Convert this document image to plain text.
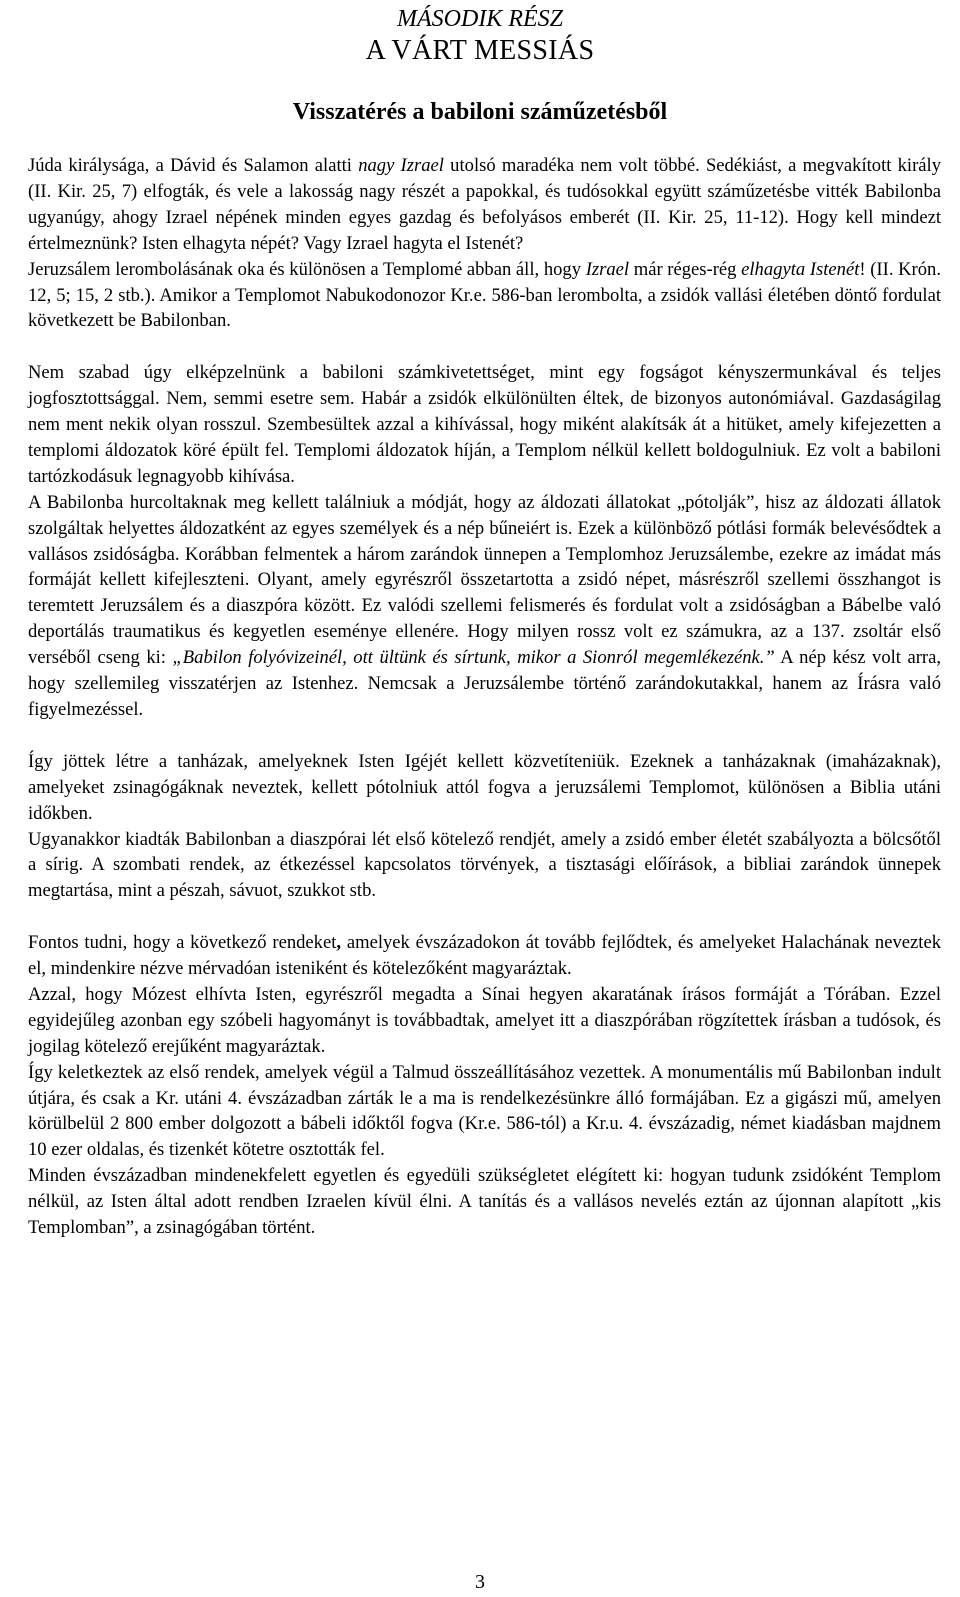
MÁSODIK RÉSZ
A VÁRT MESSIÁS
Visszatérés a babiloni száműzetésből

Júda királysága, a Dávid és Salamon alatti nagy Izrael utolsó maradéka nem volt többé. Sedékiást, a megvakított király (II. Kir. 25, 7) elfogták, és vele a lakosság nagy részét a papokkal, és tudósokkal együtt száműzetésbe vitték Babilonba ugyanúgy, ahogy Izrael népének minden egyes gazdag és befolyásos emberét (II. Kir. 25, 11-12). Hogy kell mindezt értelmeznünk? Isten elhagyta népét? Vagy Izrael hagyta el Istenét?

Jeruzsálem lerombolásának oka és különösen a Templomé abban áll, hogy Izrael már réges-rég elhagyta Istenét! (II. Krón. 12, 5; 15, 2 stb.). Amikor a Templomot Nabukodonozor Kr.e. 586-ban lerombolta, a zsidók vallási életében döntő fordulat következett be Babilonban.

Nem szabad úgy elképzelnünk a babiloni számkivetettséget, mint egy fogságot kényszermunkával és teljes jogfosztottsággal. Nem, semmi esetre sem. Habár a zsidók elkülönülten éltek, de bizonyos autonómiával. Gazdaságilag nem ment nekik olyan rosszul. Szembesültek azzal a kihívással, hogy miként alakítsák át a hitüket, amely kifejezetten a templomi áldozatok köré épült fel. Templomi áldozatok híján, a Templom nélkül kellett boldogulniuk. Ez volt a babiloni tartózkodásuk legnagyobb kihívása.

A Babilonba hurcoltaknak meg kellett találniuk a módját, hogy az áldozati állatokat „pótolják”, hisz az áldozati állatok szolgáltak helyettes áldozatként az egyes személyek és a nép bűneiért is. Ezek a különböző pótlási formák belevésődtek a vallásos zsidóságba. Korábban felmentek a három zarándok ünnepen a Templomhoz Jeruzsálembe, ezekre az imádat más formáját kellett kifejleszteni. Olyant, amely egyrészről összetartotta a zsidó népet, másrészről szellemi összhangot is teremtett Jeruzsálem és a diaszpóra között. Ez valódi szellemi felismerés és fordulat volt a zsidóságban a Bábelbe való deportálás traumatikus és kegyetlen eseménye ellenére. Hogy milyen rossz volt ez számukra, az a 137. zsoltár első verséből cseng ki: „Babilon folyóvizeinél, ott ültünk és sírtunk, mikor a Sionról megemlékezénk.” A nép kész volt arra, hogy szellemileg visszatérjen az Istenhez. Nemcsak a Jeruzsálembe történő zarándokutakkal, hanem az Írásra való figyelmezéssel.

Így jöttek létre a tanházak, amelyeknek Isten Igéjét kellett közvetíteniük. Ezeknek a tanházaknak (imaházaknak), amelyeket zsinagógáknak neveztek, kellett pótolniuk attól fogva a jeruzsálemi Templomot, különösen a Biblia utáni időkben.

Ugyanakkor kiadták Babilonban a diaszpórai lét első kötelező rendjét, amely a zsidó ember életét szabályozta a bölcsőtől a sírig. A szombati rendek, az étkezéssel kapcsolatos törvények, a tisztasági előírások, a bibliai zarándok ünnepek megtartása, mint a pészah, sávuot, szukkot stb.

Fontos tudni, hogy a következő rendeket, amelyek évszázadokon át tovább fejlődtek, és amelyeket Halachának neveztek el, mindenkire nézve mérvadóan isteniként és kötelezőként magyaráztak.

Azzal, hogy Mózest elhívta Isten, egyrészről megadta a Sínai hegyen akaratának írásos formáját a Tórában. Ezzel egyidejűleg azonban egy szóbeli hagyományt is továbbadtak, amelyet itt a diaszpórában rögzítettek írásban a tudósok, és jogilag kötelező erejűként magyaráztak.

Így keletkeztek az első rendek, amelyek végül a Talmud összeállításához vezettek. A monumentális mű Babilonban indult útjára, és csak a Kr. utáni 4. évszázadban zárták le a ma is rendelkezésünkre álló formájában. Ez a gigászi mű, amelyen körülbelül 2 800 ember dolgozott a bábeli időktől fogva (Kr.e. 586-tól) a Kr.u. 4. évszázadig, német kiadásban majdnem 10 ezer oldalas, és tizenkét kötetre osztották fel.

Minden évszázadban mindenekfelett egyetlen és egyedüli szükségletet elégített ki: hogyan tudunk zsidóként Templom nélkül, az Isten által adott rendben Izraelen kívül élni. A tanítás és a vallásos nevelés eztán az újonnan alapított „kis Templomban”, a zsinagógában történt.

3
